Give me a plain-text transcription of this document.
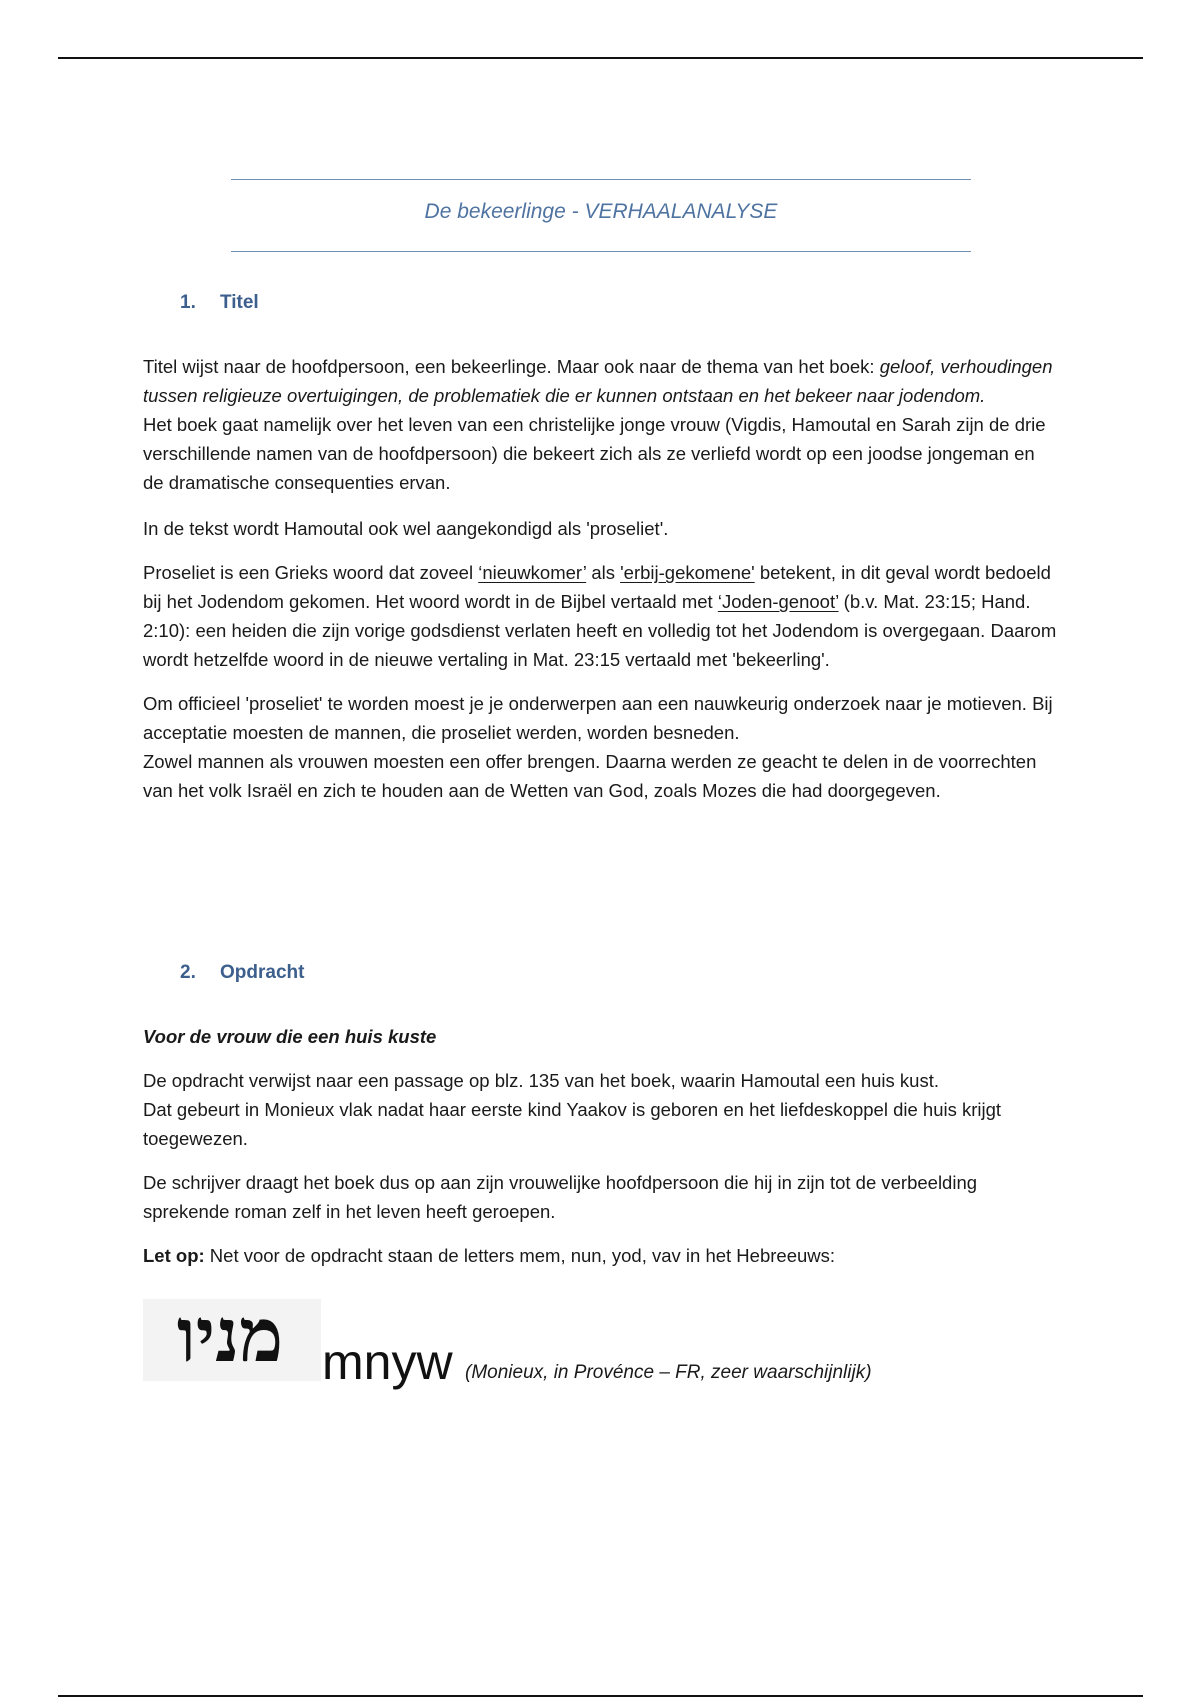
De bekeerlinge - VERHAALANALYSE
1. Titel

Titel wijst naar de hoofdpersoon, een bekeerlinge. Maar ook naar de thema van het boek: geloof, verhoudingen tussen religieuze overtuigingen, de problematiek die er kunnen ontstaan en het bekeer naar jodendom.

Het boek gaat namelijk over het leven van een christelijke jonge vrouw (Vigdis, Hamoutal en Sarah zijn de drie verschillende namen van de hoofdpersoon) die bekeert zich als ze verliefd wordt op een joodse jongeman en de dramatische consequenties ervan.

In de tekst wordt Hamoutal ook wel aangekondigd als 'proseliet'.

Proseliet is een Grieks woord dat zoveel ‘nieuwkomer’ als 'erbij-gekomene' betekent, in dit geval wordt bedoeld bij het Jodendom gekomen. Het woord wordt in de Bijbel vertaald met ‘Joden-genoot’ (b.v. Mat. 23:15; Hand. 2:10): een heiden die zijn vorige godsdienst verlaten heeft en volledig tot het Jodendom is overgegaan. Daarom wordt hetzelfde woord in de nieuwe vertaling in Mat. 23:15 vertaald met 'bekeerling'.

Om officieel 'proseliet' te worden moest je je onderwerpen aan een nauwkeurig onderzoek naar je motieven. Bij acceptatie moesten de mannen, die proseliet werden, worden besneden.

Zowel mannen als vrouwen moesten een offer brengen. Daarna werden ze geacht te delen in de voorrechten van het volk Israël en zich te houden aan de Wetten van God, zoals Mozes die had doorgegeven.

2. Opdracht

Voor de vrouw die een huis kuste

De opdracht verwijst naar een passage op blz. 135 van het boek, waarin Hamoutal een huis kust.

Dat gebeurt in Monieux vlak nadat haar eerste kind Yaakov is geboren en het liefdeskoppel die huis krijgt toegewezen.

De schrijver draagt het boek dus op aan zijn vrouwelijke hoofdpersoon die hij in zijn tot de verbeelding sprekende roman zelf in het leven heeft geroepen.

Let op: Net voor de opdracht staan de letters mem, nun, yod, vav in het Hebreeuws:

מניו mnyw (Monieux, in Provénce – FR, zeer waarschijnlijk)
